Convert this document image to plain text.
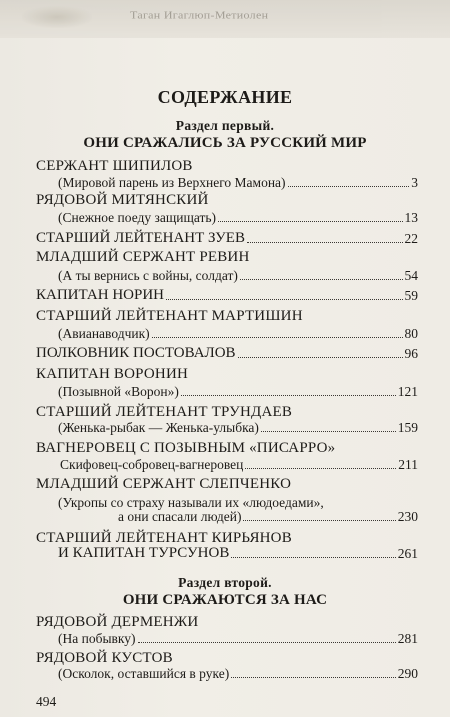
Таган Игаглюп-Метиолен
СОДЕРЖАНИЕ
Раздел первый.
ОНИ СРАЖАЛИСЬ ЗА РУССКИЙ МИР
СЕРЖАНТ ШИПИЛОВ
(Мировой парень из Верхнего Мамона)	3
РЯДОВОЙ МИТЯНСКИЙ
(Снежное поеду защищать)	13
СТАРШИЙ ЛЕЙТЕНАНТ ЗУЕВ	22
МЛАДШИЙ СЕРЖАНТ РЕВИН
(А ты вернись с войны, солдат)	54
КАПИТАН НОРИН	59
СТАРШИЙ ЛЕЙТЕНАНТ МАРТИШИН
(Авианаводчик)	80
ПОЛКОВНИК ПОСТОВАЛОВ	96
КАПИТАН ВОРОНИН
(Позывной «Ворон»)	121
СТАРШИЙ ЛЕЙТЕНАНТ ТРУНДАЕВ
(Женька-рыбак — Женька-улыбка)	159
ВАГНЕРОВЕЦ С ПОЗЫВНЫМ «ПИСАРРО»
Скифовец-собровец-вагнеровец	211
МЛАДШИЙ СЕРЖАНТ СЛЕПЧЕНКО
(Укропы со страху называли их «людоедами»,
а они спасали людей)	230
СТАРШИЙ ЛЕЙТЕНАНТ КИРЬЯНОВ
И КАПИТАН ТУРСУНОВ	261
Раздел второй.
ОНИ СРАЖАЮТСЯ ЗА НАС
РЯДОВОЙ ДЕРМЕНЖИ
(На побывку)	281
РЯДОВОЙ КУСТОВ
(Осколок, оставшийся в руке)	290
494
